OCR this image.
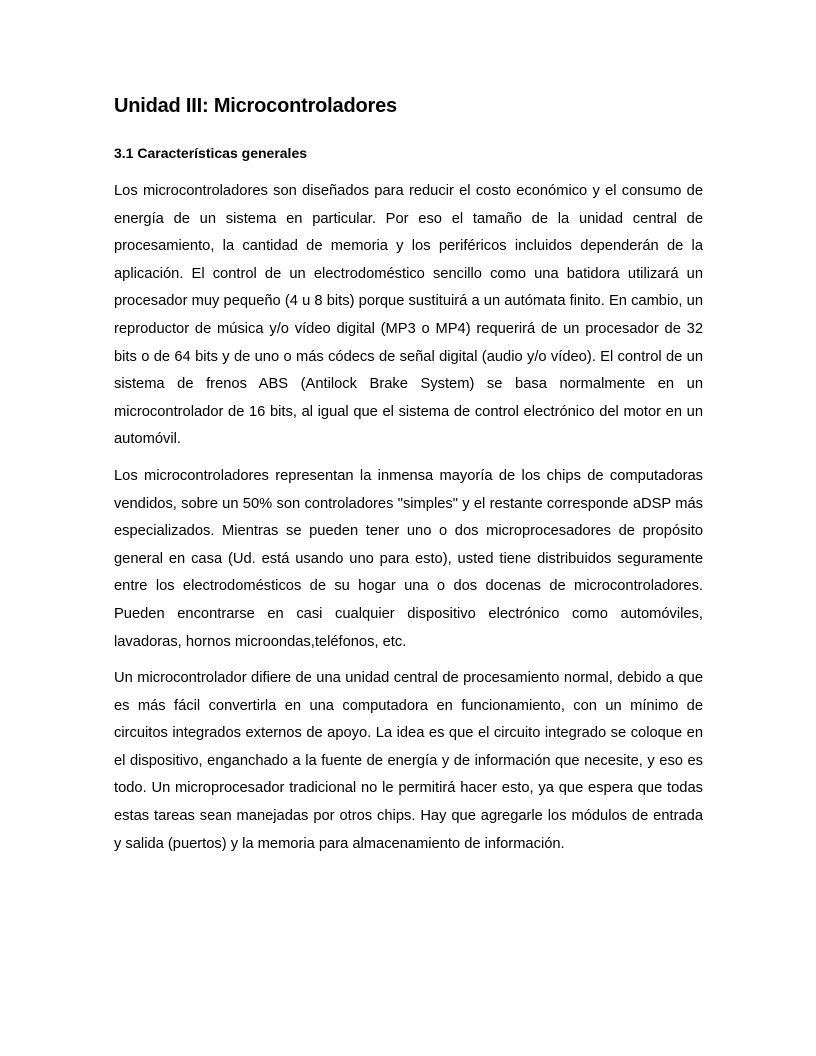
Unidad III: Microcontroladores
3.1 Características generales

Los microcontroladores son diseñados para reducir el costo económico y el consumo de energía de un sistema en particular. Por eso el tamaño de la unidad central de procesamiento, la cantidad de memoria y los periféricos incluidos dependerán de la aplicación. El control de un electrodoméstico sencillo como una batidora utilizará un procesador muy pequeño (4 u 8 bits) porque sustituirá a un autómata finito. En cambio, un reproductor de música y/o vídeo digital (MP3 o MP4) requerirá de un procesador de 32 bits o de 64 bits y de uno o más códecs de señal digital (audio y/o vídeo). El control de un sistema de frenos ABS (Antilock Brake System) se basa normalmente en un microcontrolador de 16 bits, al igual que el sistema de control electrónico del motor en un automóvil.

Los microcontroladores representan la inmensa mayoría de los chips de computadoras vendidos, sobre un 50% son controladores "simples" y el restante corresponde aDSP más especializados. Mientras se pueden tener uno o dos microprocesadores de propósito general en casa (Ud. está usando uno para esto), usted tiene distribuidos seguramente entre los electrodomésticos de su hogar una o dos docenas de microcontroladores. Pueden encontrarse en casi cualquier dispositivo electrónico como automóviles, lavadoras, hornos microondas,teléfonos, etc.

Un microcontrolador difiere de una unidad central de procesamiento normal, debido a que es más fácil convertirla en una computadora en funcionamiento, con un mínimo de circuitos integrados externos de apoyo. La idea es que el circuito integrado se coloque en el dispositivo, enganchado a la fuente de energía y de información que necesite, y eso es todo. Un microprocesador tradicional no le permitirá hacer esto, ya que espera que todas estas tareas sean manejadas por otros chips. Hay que agregarle los módulos de entrada y salida (puertos) y la memoria para almacenamiento de información.
